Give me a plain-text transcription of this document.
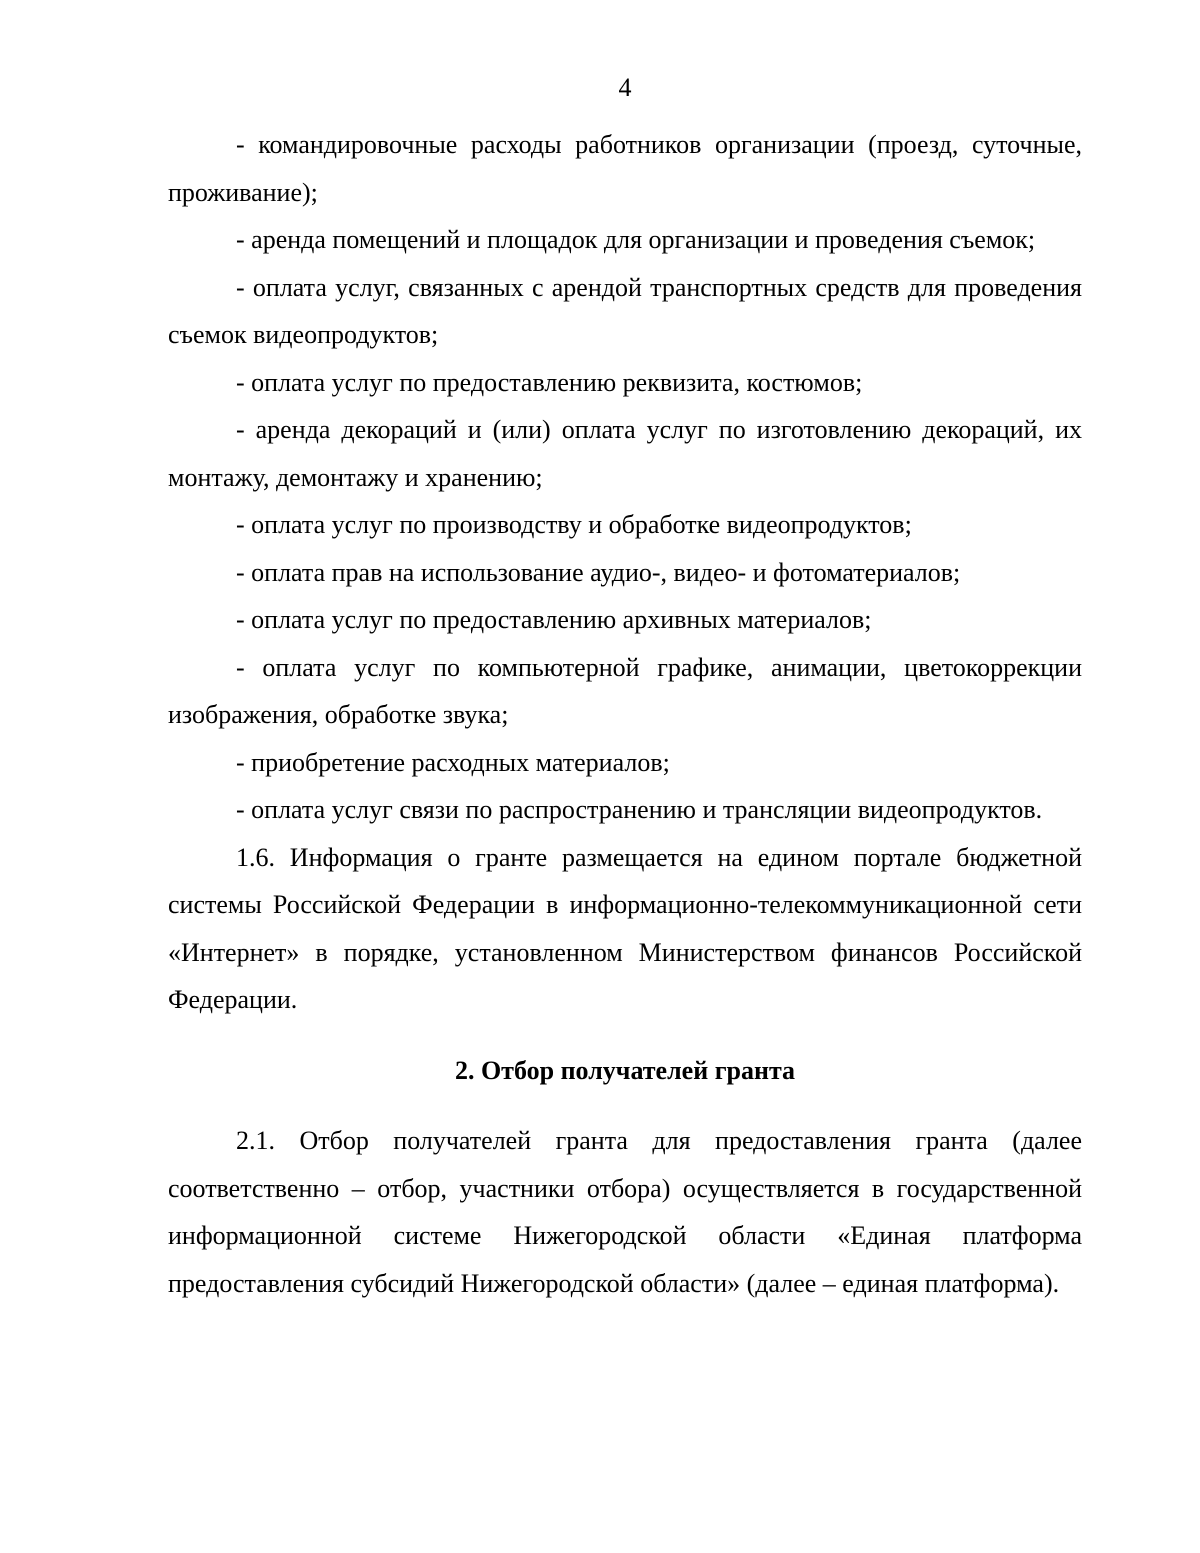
4

- командировочные расходы работников организации (проезд, суточные, проживание);

- аренда помещений и площадок для организации и проведения съемок;

- оплата услуг, связанных с арендой транспортных средств для проведения съемок видеопродуктов;

- оплата услуг по предоставлению реквизита, костюмов;

- аренда декораций и (или) оплата услуг по изготовлению декораций, их монтажу, демонтажу и хранению;

- оплата услуг по производству и обработке видеопродуктов;

- оплата прав на использование аудио-, видео- и фотоматериалов;

- оплата услуг по предоставлению архивных материалов;

- оплата услуг по компьютерной графике, анимации, цветокоррекции изображения, обработке звука;

- приобретение расходных материалов;

- оплата услуг связи по распространению и трансляции видеопродуктов.

1.6. Информация о гранте размещается на едином портале бюджетной системы Российской Федерации в информационно-телекоммуникационной сети «Интернет» в порядке, установленном Министерством финансов Российской Федерации.

2. Отбор получателей гранта

2.1. Отбор получателей гранта для предоставления гранта (далее соответственно – отбор, участники отбора) осуществляется в государственной информационной системе Нижегородской области «Единая платформа предоставления субсидий Нижегородской области» (далее – единая платформа).
